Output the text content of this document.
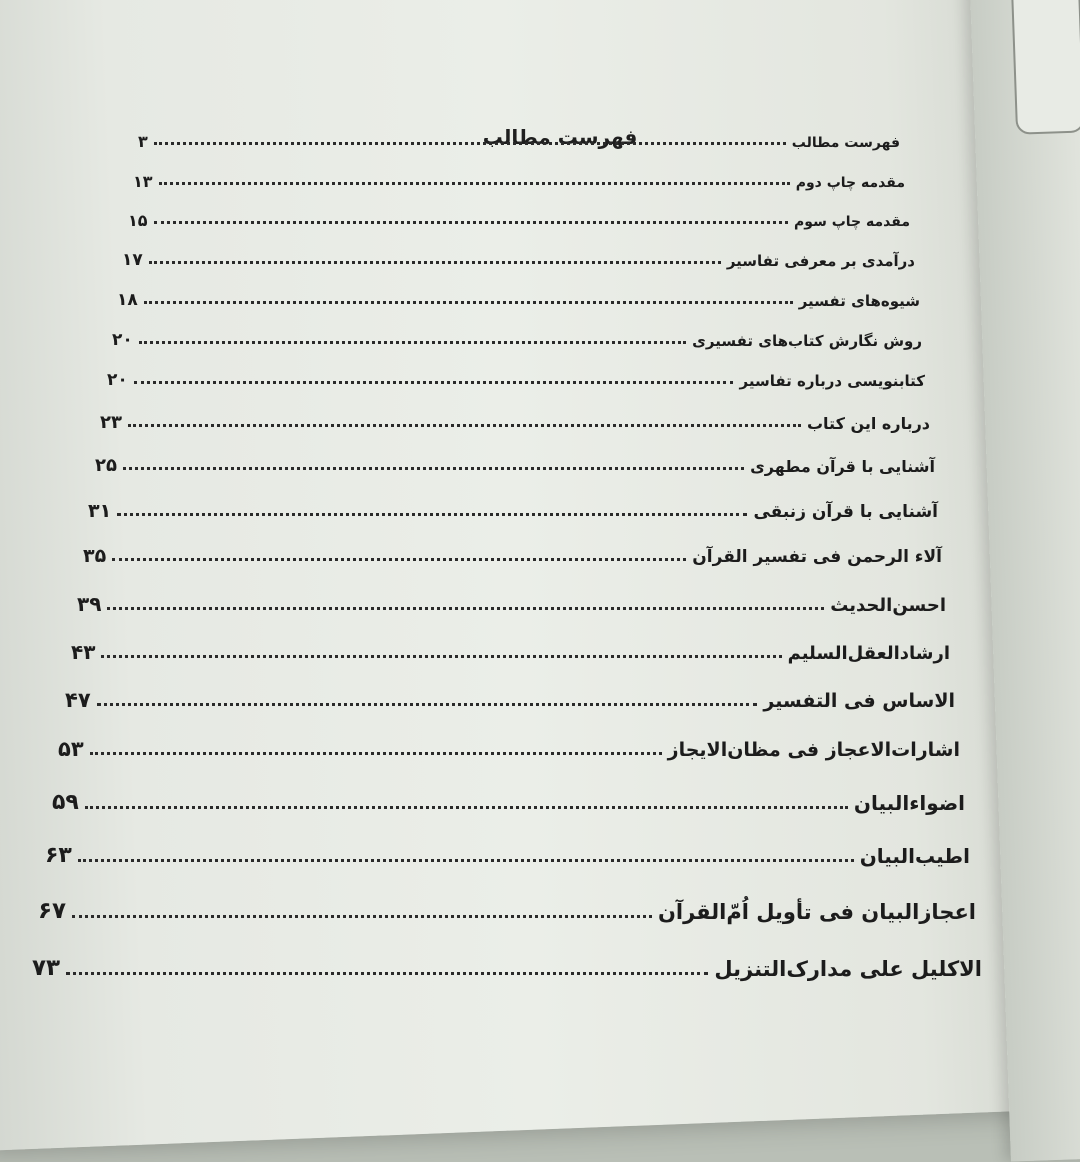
فهرست مطالب
۳	فهرست مطالب
۱۳	مقدمه چاپ دوم
۱۵	مقدمه چاپ سوم
۱۷	درآمدی بر معرفی تفاسیر
۱۸	شیوه‌های تفسیر
۲۰	روش نگارش کتاب‌های تفسیری
۲۰	کتابنویسی درباره تفاسیر
۲۳	درباره این کتاب
۲۵	آشنایی با قرآن مطهری
۳۱	آشنایی با قرآن زنبقی
۳۵	آلاء الرحمن فی تفسیر القرآن
۳۹	احسن‌الحدیث
۴۳	ارشادالعقل‌السلیم
۴۷	الاساس فی التفسیر
۵۳	اشارات‌الاعجاز فی مظان‌الایجاز
۵۹	اضواءالبیان
۶۳	اطیب‌البیان
۶۷	اعجازالبیان فی تأویل اُمّ‌القرآن
۷۳	الاکلیل علی مدارک‌التنزیل
